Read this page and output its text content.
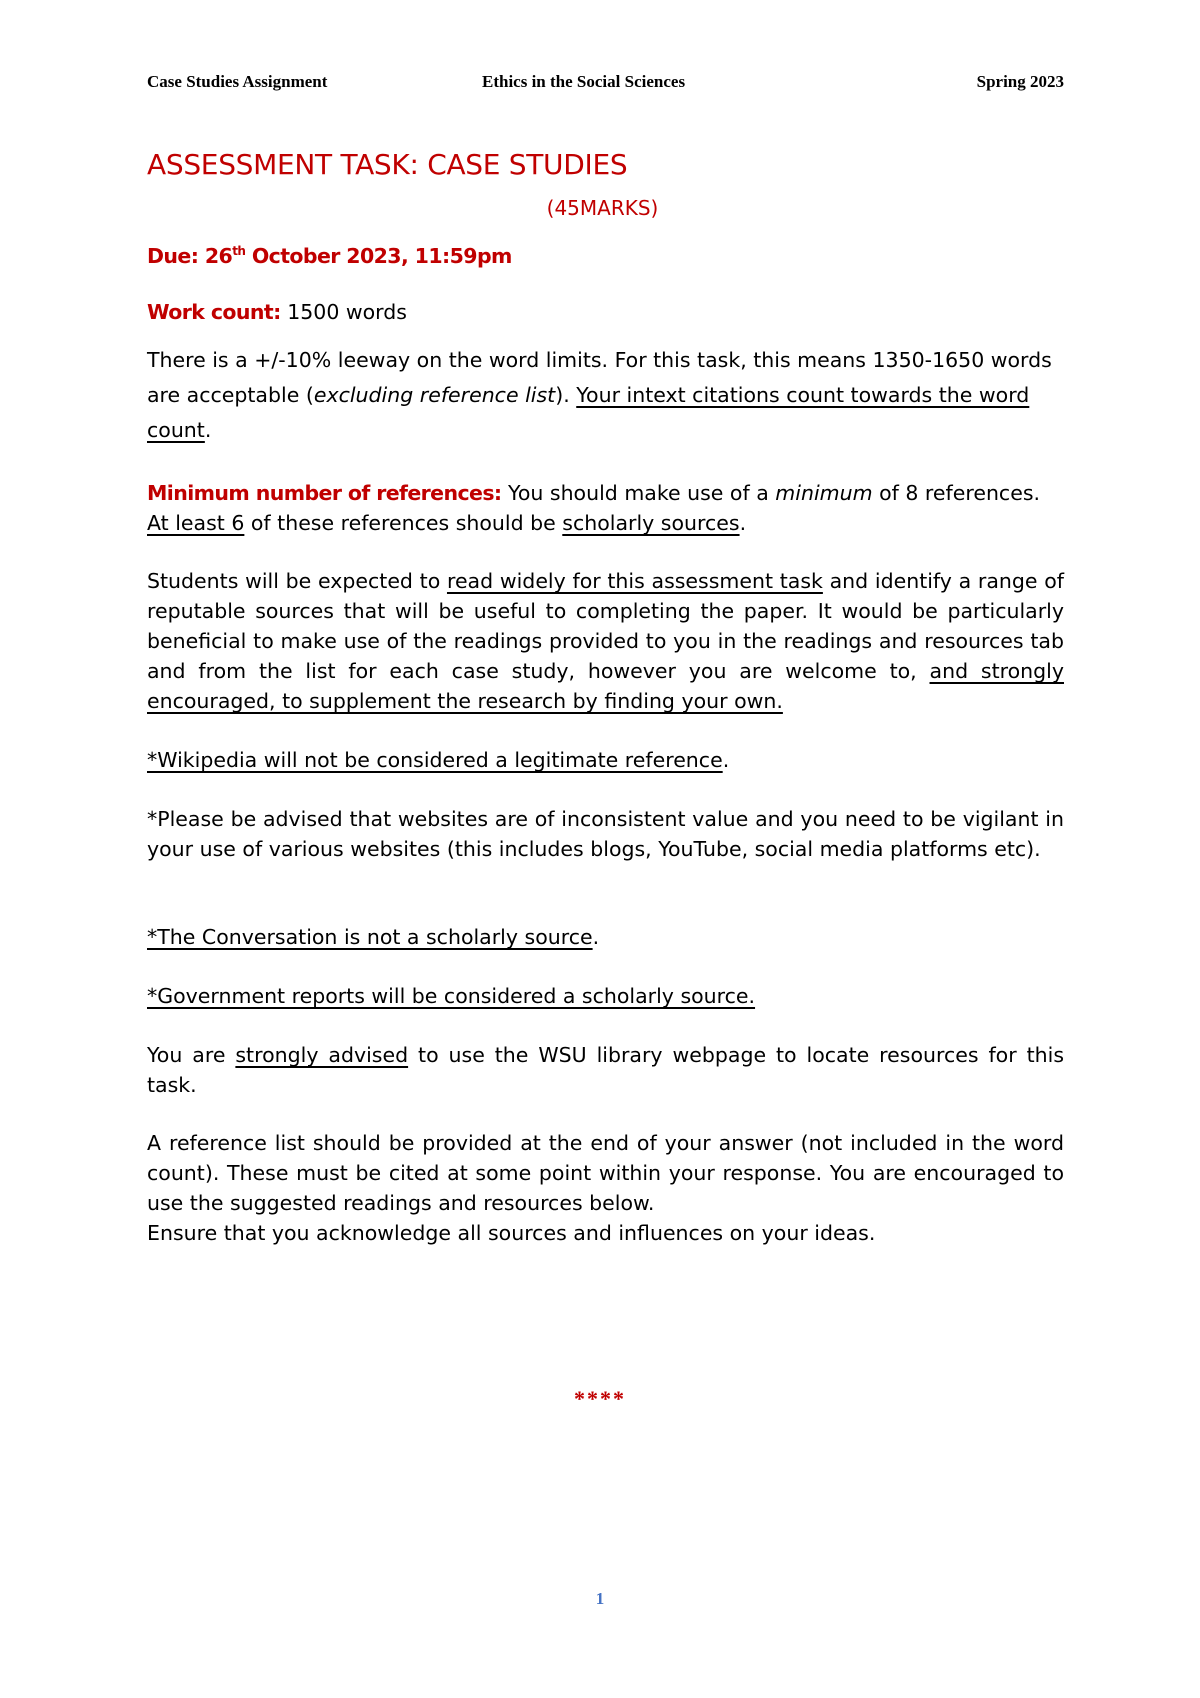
Case Studies Assignment	Ethics in the Social Sciences	Spring 2023
ASSESSMENT TASK: CASE STUDIES
(45MARKS)
Due: 26th October 2023, 11:59pm
Work count: 1500 words
There is a +/-10% leeway on the word limits. For this task, this means 1350-1650 words are acceptable (excluding reference list). Your intext citations count towards the word count.
Minimum number of references: You should make use of a minimum of 8 references.
At least 6 of these references should be scholarly sources.
Students will be expected to read widely for this assessment task and identify a range of reputable sources that will be useful to completing the paper. It would be particularly beneficial to make use of the readings provided to you in the readings and resources tab and from the list for each case study, however you are welcome to, and strongly encouraged, to supplement the research by finding your own.
*Wikipedia will not be considered a legitimate reference.
*Please be advised that websites are of inconsistent value and you need to be vigilant in your use of various websites (this includes blogs, YouTube, social media platforms etc).
*The Conversation is not a scholarly source.
*Government reports will be considered a scholarly source.
You are strongly advised to use the WSU library webpage to locate resources for this task.
A reference list should be provided at the end of your answer (not included in the word count). These must be cited at some point within your response. You are encouraged to use the suggested readings and resources below.
Ensure that you acknowledge all sources and influences on your ideas.
****
1
